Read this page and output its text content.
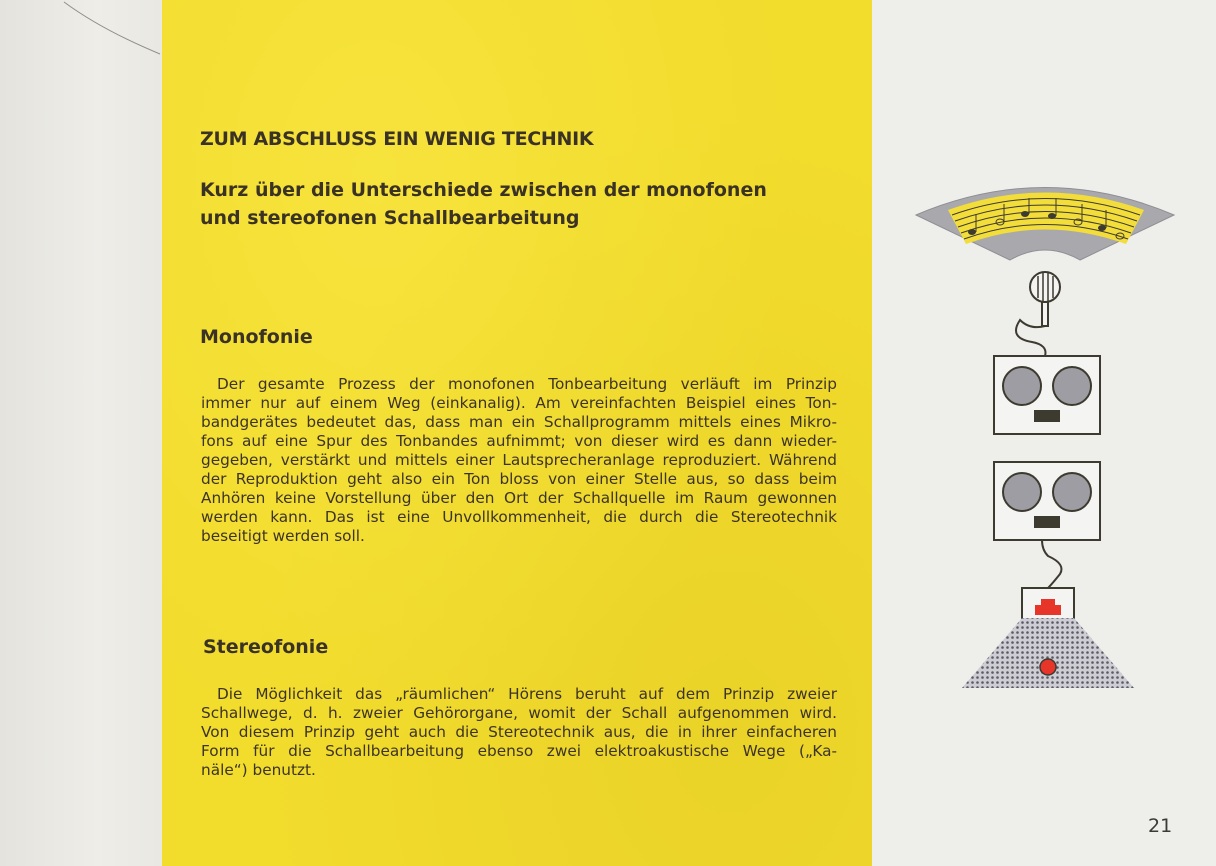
ZUM ABSCHLUSS EIN WENIG TECHNIK
Kurz über die Unterschiede zwischen der monofonen
und stereofonen Schallbearbeitung
Monofonie
Der gesamte Prozess der monofonen Tonbearbeitung verläuft im Prinzip
immer nur auf einem Weg (einkanalig). Am vereinfachten Beispiel eines Ton-
bandgerätes bedeutet das, dass man ein Schallprogramm mittels eines Mikro-
fons auf eine Spur des Tonbandes aufnimmt; von dieser wird es dann wieder-
gegeben, verstärkt und mittels einer Lautsprecheranlage reproduziert. Während
der Reproduktion geht also ein Ton bloss von einer Stelle aus, so dass beim
Anhören keine Vorstellung über den Ort der Schallquelle im Raum gewonnen
werden kann. Das ist eine Unvollkommenheit, die durch die Stereotechnik
beseitigt werden soll.
Stereofonie
Die Möglichkeit das „räumlichen“ Hörens beruht auf dem Prinzip zweier
Schallwege, d. h. zweier Gehörorgane, womit der Schall aufgenommen wird.
Von diesem Prinzip geht auch die Stereotechnik aus, die in ihrer einfacheren
Form für die Schallbearbeitung ebenso zwei elektroakustische Wege („Ka-
näle“) benutzt.
21
